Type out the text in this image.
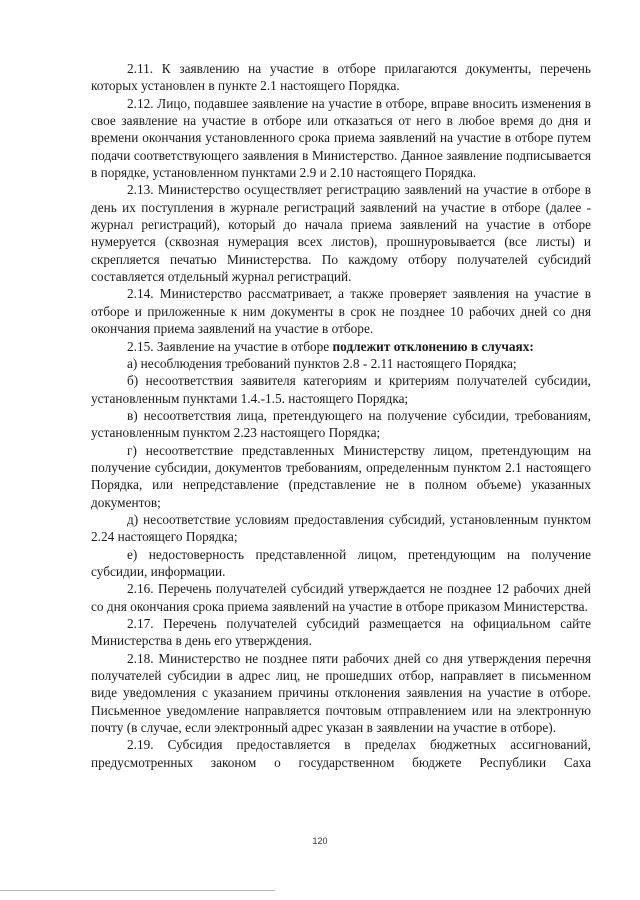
2.11. К заявлению на участие в отборе прилагаются документы, перечень которых установлен в пункте 2.1 настоящего Порядка.

2.12. Лицо, подавшее заявление на участие в отборе, вправе вносить изменения в свое заявление на участие в отборе или отказаться от него в любое время до дня и времени окончания установленного срока приема заявлений на участие в отборе путем подачи соответствующего заявления в Министерство. Данное заявление подписывается в порядке, установленном пунктами 2.9 и 2.10 настоящего Порядка.

2.13. Министерство осуществляет регистрацию заявлений на участие в отборе в день их поступления в журнале регистраций заявлений на участие в отборе (далее - журнал регистраций), который до начала приема заявлений на участие в отборе нумеруется (сквозная нумерация всех листов), прошнуровывается (все листы) и скрепляется печатью Министерства. По каждому отбору получателей субсидий составляется отдельный журнал регистраций.

2.14. Министерство рассматривает, а также проверяет заявления на участие в отборе и приложенные к ним документы в срок не позднее 10 рабочих дней со дня окончания приема заявлений на участие в отборе.

2.15. Заявление на участие в отборе подлежит отклонению в случаях:

а) несоблюдения требований пунктов 2.8 - 2.11 настоящего Порядка;

б) несоответствия заявителя категориям и критериям получателей субсидии, установленным пунктами 1.4.-1.5. настоящего Порядка;

в) несоответствия лица, претендующего на получение субсидии, требованиям, установленным пунктом 2.23 настоящего Порядка;

г) несоответствие представленных Министерству лицом, претендующим на получение субсидии, документов требованиям, определенным пунктом 2.1 настоящего Порядка, или непредставление (представление не в полном объеме) указанных документов;

д) несоответствие условиям предоставления субсидий, установленным пунктом 2.24 настоящего Порядка;

е) недостоверность представленной лицом, претендующим на получение субсидии, информации.

2.16. Перечень получателей субсидий утверждается не позднее 12 рабочих дней со дня окончания срока приема заявлений на участие в отборе приказом Министерства.

2.17. Перечень получателей субсидий размещается на официальном сайте Министерства в день его утверждения.

2.18. Министерство не позднее пяти рабочих дней со дня утверждения перечня получателей субсидии в адрес лиц, не прошедших отбор, направляет в письменном виде уведомления с указанием причины отклонения заявления на участие в отборе. Письменное уведомление направляется почтовым отправлением или на электронную почту (в случае, если электронный адрес указан в заявлении на участие в отборе).

2.19. Субсидия предоставляется в пределах бюджетных ассигнований, предусмотренных законом о государственном бюджете Республики Саха

120
